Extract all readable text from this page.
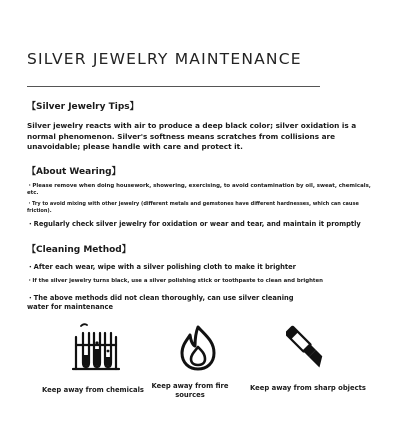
SILVER JEWELRY MAINTENANCE
【Silver Jewelry Tips】
Silver jewelry reacts with air to produce a deep black color; silver oxidation is a normal phenomenon. Silver's softness means scratches from collisions are unavoidable; please handle with care and protect it.
【About Wearing】
・Please remove when doing housework, showering, exercising, to avoid contamination by oil, sweat, chemicals, etc.
・Try to avoid mixing with other jewelry (different metals and gemstones have different hardnesses, which can cause friction).
・Regularly check silver jewelry for oxidation or wear and tear, and maintain it promptly
【Cleaning Method】
・After each wear, wipe with a silver polishing cloth to make it brighter
・If the silver jewelry turns black, use a silver polishing stick or toothpaste to clean and brighten
・The above methods did not clean thoroughly, can use silver cleaning water for maintenance
Keep away from chemicals	Keep away from fire sources
Keep away from sharp objects
